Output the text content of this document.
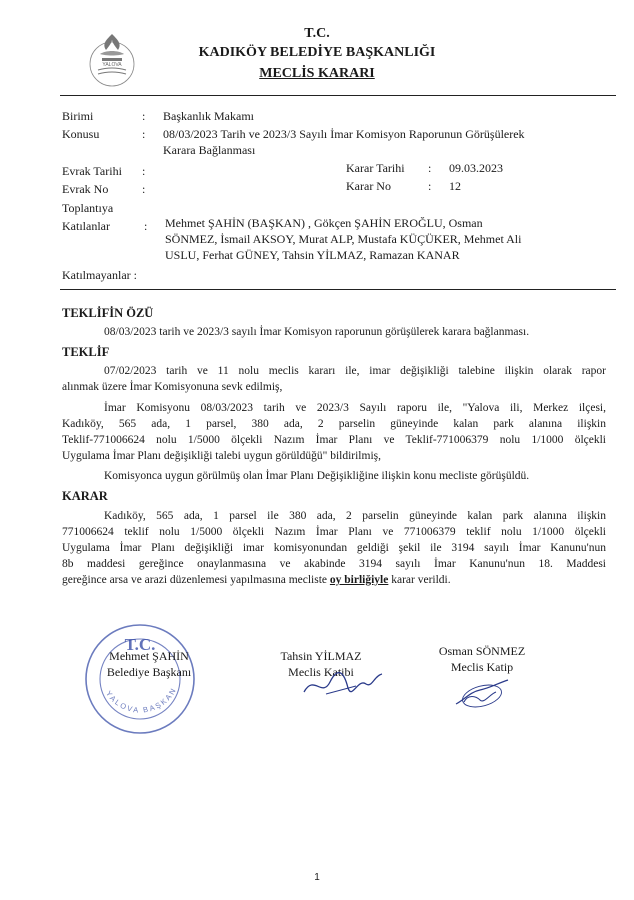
YALOVA
T.C.
KADIKÖY BELEDİYE BAŞKANLIĞI
MECLİS KARARI
Birimi	: Başkanlık Makamı
Konusu	: 08/03/2023 Tarih ve 2023/3 Sayılı İmar Komisyon Raporunun Görüşülerek
Karara Bağlanması
Evrak Tarihi :	Karar Tarihi : 09.03.2023
Evrak No	:	Karar No	: 12
Toplantıya
Katılanlar	: Mehmet ŞAHİN (BAŞKAN) , Gökçen ŞAHİN EROĞLU, Osman
SÖNMEZ, İsmail AKSOY, Murat ALP, Mustafa KÜÇÜKER, Mehmet Ali
USLU, Ferhat GÜNEY, Tahsin YİLMAZ, Ramazan KANAR
Katılmayanlar :
TEKLİFİN ÖZÜ
08/03/2023 tarih ve 2023/3 sayılı İmar Komisyon raporunun görüşülerek karara bağlanması.
TEKLİF
07/02/2023 tarih ve 11 nolu meclis kararı ile, imar değişikliği talebine ilişkin olarak rapor
alınmak üzere İmar Komisyonuna sevk edilmiş,
İmar Komisyonu 08/03/2023 tarih ve 2023/3 Sayılı raporu ile, "Yalova ili, Merkez ilçesi,
Kadıköy, 565 ada, 1 parsel, 380 ada, 2 parselin güneyinde kalan park alanına ilişkin
Teklif-771006624 nolu 1/5000 ölçekli Nazım İmar Planı ve Teklif-771006379 nolu 1/1000 ölçekli
Uygulama İmar Planı değişikliği talebi uygun görüldüğü" bildirilmiş,
Komisyonca uygun görülmüş olan İmar Planı Değişikliğine ilişkin konu mecliste görüşüldü.
KARAR
Kadıköy, 565 ada, 1 parsel ile 380 ada, 2 parselin güneyinde kalan park alanına ilişkin
771006624 teklif nolu 1/5000 ölçekli Nazım İmar Planı ve 771006379 teklif nolu 1/1000 ölçekli
Uygulama İmar Planı değişikliği imar komisyonundan geldiği şekil ile 3194 sayılı İmar Kanunu'nun
8b maddesi gereğince onaylanmasına ve akabinde 3194 sayılı İmar Kanunu'nun 18. Maddesi
gereğince arsa ve arazi düzenlemesi yapılmasına mecliste oy birliğiyle karar verildi.
T.C.
YALOVA BAŞKAN
Mehmet ŞAHİN
Belediye Başkanı
Tahsin YİLMAZ
Meclis Katibi
Osman SÖNMEZ
Meclis Katip
1
